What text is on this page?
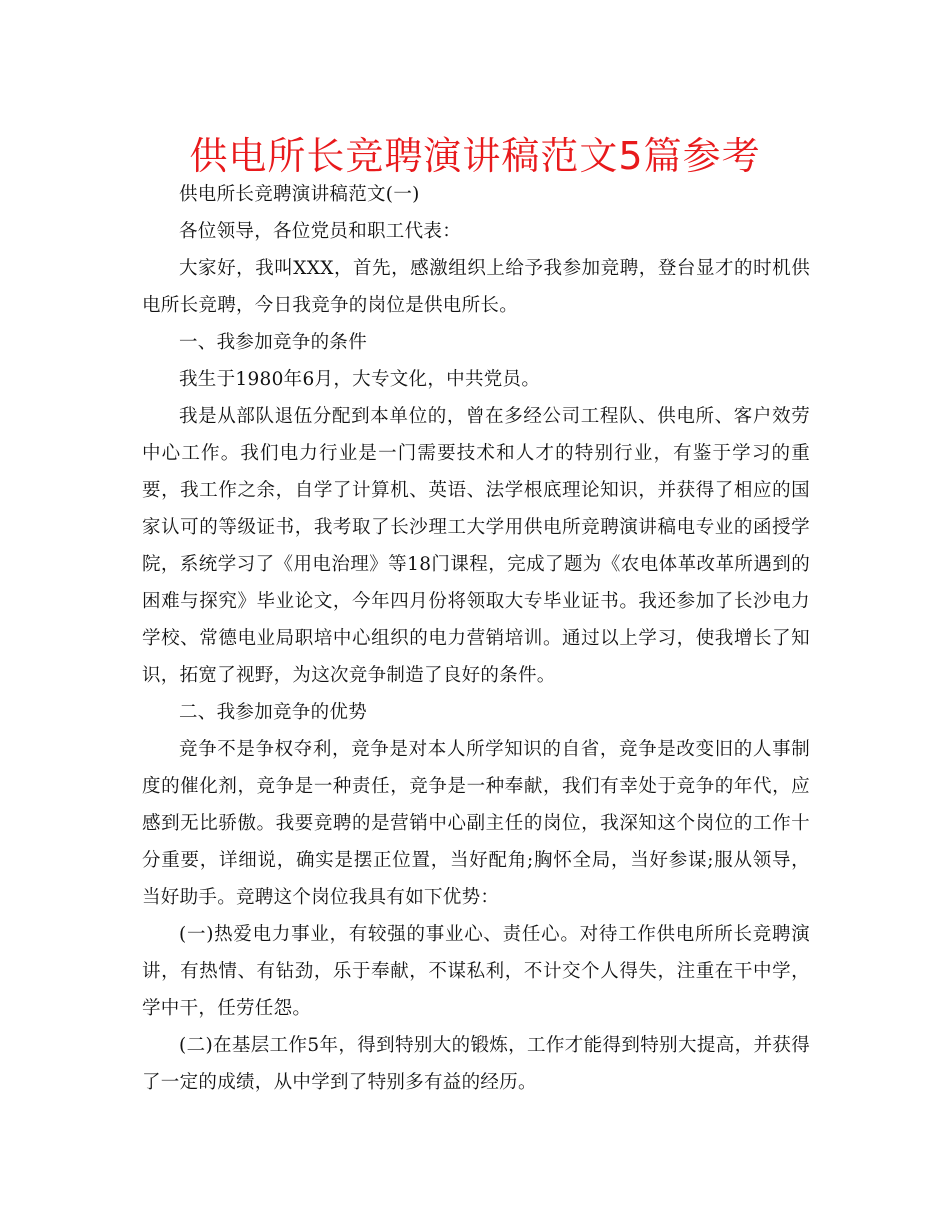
供电所长竞聘演讲稿范文5篇参考

供电所长竞聘演讲稿范文(一)

各位领导，各位党员和职工代表：

大家好，我叫XXX，首先，感激组织上给予我参加竞聘，登台显才的时机供电所长竞聘，今日我竞争的岗位是供电所长。

一、我参加竞争的条件

我生于1980年6月，大专文化，中共党员。

我是从部队退伍分配到本单位的，曾在多经公司工程队、供电所、客户效劳中心工作。我们电力行业是一门需要技术和人才的特别行业，有鉴于学习的重要，我工作之余，自学了计算机、英语、法学根底理论知识，并获得了相应的国家认可的等级证书，我考取了长沙理工大学用供电所竞聘演讲稿电专业的函授学院，系统学习了《用电治理》等18门课程，完成了题为《农电体革改革所遇到的困难与探究》毕业论文，今年四月份将领取大专毕业证书。我还参加了长沙电力学校、常德电业局职培中心组织的电力营销培训。通过以上学习，使我增长了知识，拓宽了视野，为这次竞争制造了良好的条件。

二、我参加竞争的优势

竞争不是争权夺利，竞争是对本人所学知识的自省，竞争是改变旧的人事制度的催化剂，竞争是一种责任，竞争是一种奉献，我们有幸处于竞争的年代，应感到无比骄傲。我要竞聘的是营销中心副主任的岗位，我深知这个岗位的工作十分重要，详细说，确实是摆正位置，当好配角;胸怀全局，当好参谋;服从领导，当好助手。竞聘这个岗位我具有如下优势：

(一)热爱电力事业，有较强的事业心、责任心。对待工作供电所所长竞聘演讲，有热情、有钻劲，乐于奉献，不谋私利，不计交个人得失，注重在干中学，学中干，任劳任怨。

(二)在基层工作5年，得到特别大的锻炼，工作才能得到特别大提高，并获得了一定的成绩，从中学到了特别多有益的经历。
